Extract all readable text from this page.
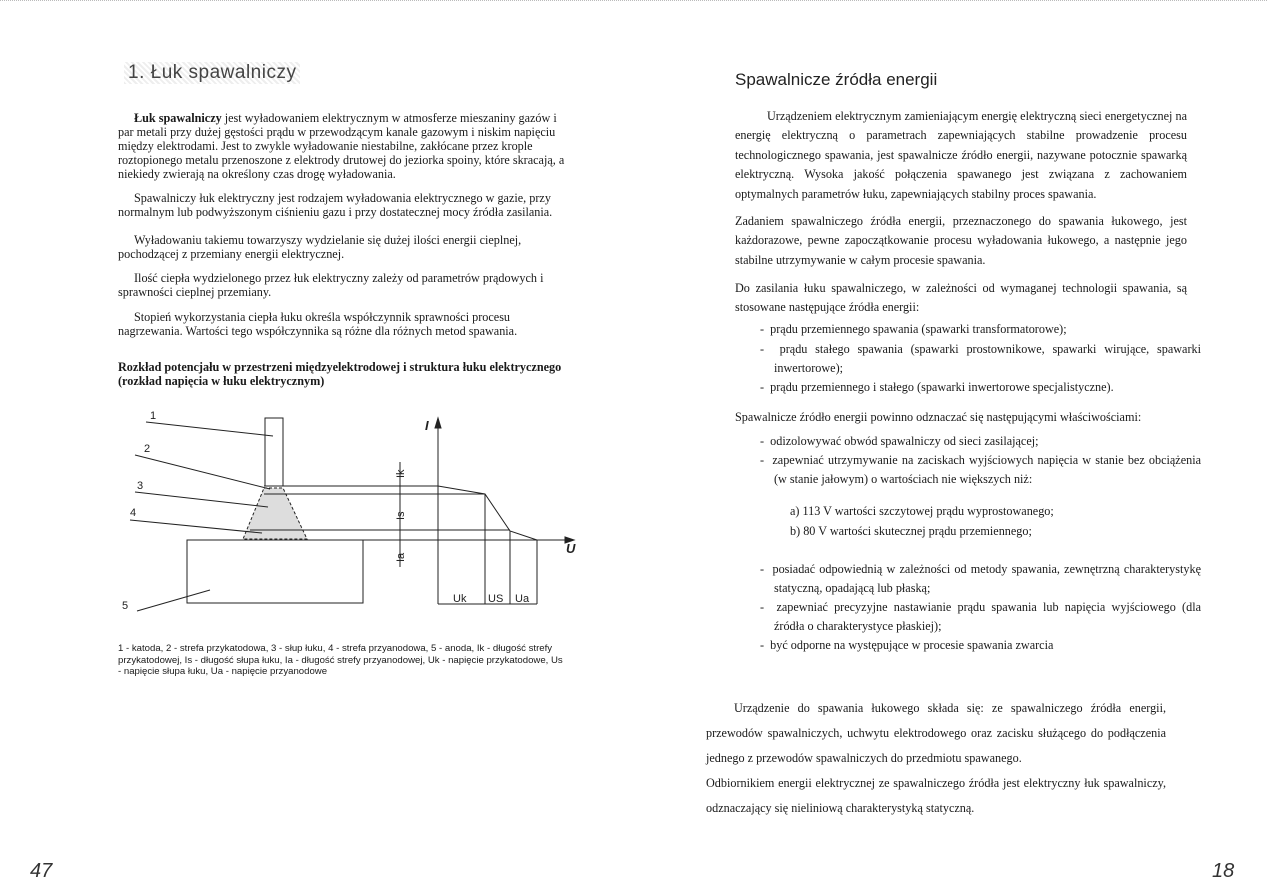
1. Łuk spawalniczy

Łuk spawalniczy jest wyładowaniem elektrycznym w atmosferze mieszaniny gazów i par metali przy dużej gęstości prądu w przewodzącym kanale gazowym i niskim napięciu między elektrodami. Jest to zwykle wyładowanie niestabilne, zakłócane przez krople roztopionego metalu przenoszone z elektrody drutowej do jeziorka spoiny, które skracają, a niekiedy zwierają na określony czas drogę wyładowania.

Spawalniczy łuk elektryczny jest rodzajem wyładowania elektrycznego w gazie, przy normalnym lub podwyższonym ciśnieniu gazu i przy dostatecznej mocy źródła zasilania.

Wyładowaniu takiemu towarzyszy wydzielanie się dużej ilości energii cieplnej, pochodzącej z przemiany energii elektrycznej.

Ilość ciepła wydzielonego przez łuk elektryczny zależy od parametrów prądowych i sprawności cieplnej przemiany.

Stopień wykorzystania ciepła łuku określa współczynnik sprawności procesu nagrzewania. Wartości tego współczynnika są różne dla różnych metod spawania.

Rozkład potencjału w przestrzeni międzyelektrodowej i struktura łuku elektrycznego (rozkład napięcia w łuku elektrycznym)
1
2
3
4
5
I
U
Ik
Is
Ia
Uk US Ua
1 - katoda, 2 - strefa przykatodowa, 3 - słup łuku, 4 - strefa przyanodowa, 5 - anoda, Ik - długość strefy przykatodowej, Is - długość słupa łuku, Ia - długość strefy przyanodowej, Uk - napięcie przykatodowe, Us - napięcie słupa łuku, Ua - napięcie przyanodowe
47
Spawalnicze źródła energii

Urządzeniem elektrycznym zamieniającym energię elektryczną sieci energetycznej na energię elektryczną o parametrach zapewniających stabilne prowadzenie procesu technologicznego spawania, jest spawalnicze źródło energii, nazywane potocznie spawarką elektryczną. Wysoka jakość połączenia spawanego jest związana z zachowaniem optymalnych parametrów łuku, zapewniających stabilny proces spawania.

Zadaniem spawalniczego źródła energii, przeznaczonego do spawania łukowego, jest każdorazowe, pewne zapoczątkowanie procesu wyładowania łukowego, a następnie jego stabilne utrzymywanie w całym procesie spawania.

Do zasilania łuku spawalniczego, w zależności od wymaganej technologii spawania, są stosowane następujące źródła energii:

-  prądu przemiennego spawania (spawarki transformatorowe);
-  prądu stałego spawania (spawarki prostownikowe, spawarki wirujące, spawarki inwertorowe);
-  prądu przemiennego i stałego (spawarki inwertorowe specjalistyczne).

Spawalnicze źródło energii powinno odznaczać się następującymi właściwościami:

-  odizolowywać obwód spawalniczy od sieci zasilającej;
-  zapewniać utrzymywanie na zaciskach wyjściowych napięcia w stanie bez obciążenia (w stanie jałowym) o wartościach nie większych niż:
a) 113 V wartości szczytowej prądu wyprostowanego;
b) 80 V wartości skutecznej prądu przemiennego;
-  posiadać odpowiednią w zależności od metody spawania, zewnętrzną charakterystykę statyczną, opadającą lub płaską;
-  zapewniać precyzyjne nastawianie prądu spawania lub napięcia wyjściowego (dla źródła o charakterystyce płaskiej);
-  być odporne na występujące w procesie spawania zwarcia

Urządzenie do spawania łukowego składa się: ze spawalniczego źródła energii, przewodów spawalniczych, uchwytu elektrodowego oraz zacisku służącego do podłączenia jednego z przewodów spawalniczych do przedmiotu spawanego.

Odbiornikiem energii elektrycznej ze spawalniczego źródła jest elektryczny łuk spawalniczy, odznaczający się nieliniową charakterystyką statyczną.

18
